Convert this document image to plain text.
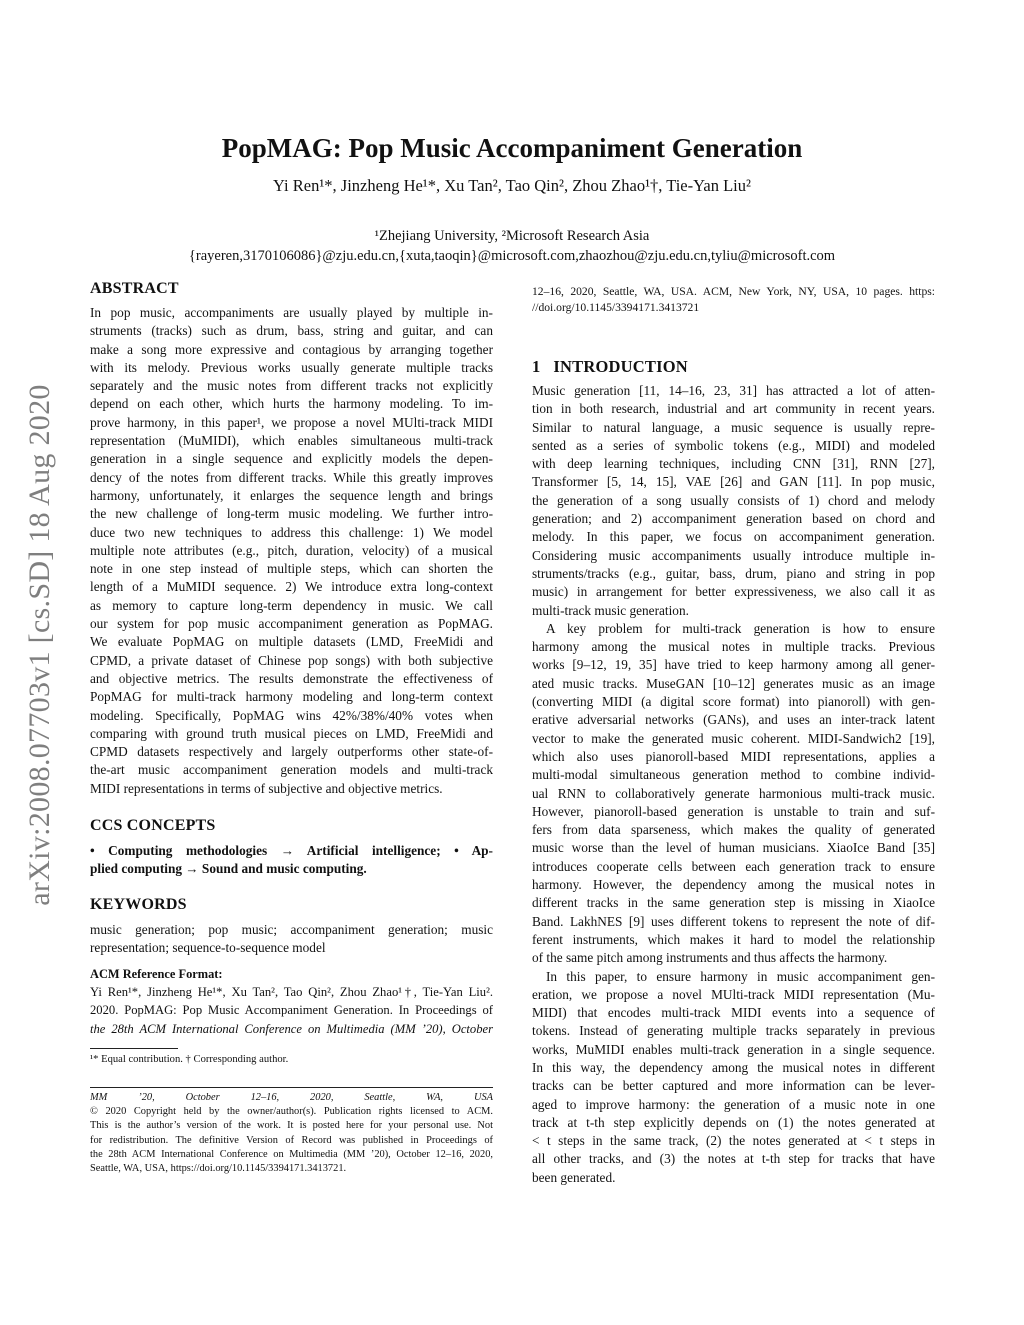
arXiv:2008.07703v1 [cs.SD] 18 Aug 2020
PopMAG: Pop Music Accompaniment Generation
Yi Ren¹*, Jinzheng He¹*, Xu Tan², Tao Qin², Zhou Zhao¹†, Tie-Yan Liu²
¹Zhejiang University, ²Microsoft Research Asia
{rayeren,3170106086}@zju.edu.cn,{xuta,taoqin}@microsoft.com,zhaozhou@zju.edu.cn,tyliu@microsoft.com
ABSTRACT
In pop music, accompaniments are usually played by multiple in-
struments (tracks) such as drum, bass, string and guitar, and can
make a song more expressive and contagious by arranging together
with its melody. Previous works usually generate multiple tracks
separately and the music notes from different tracks not explicitly
depend on each other, which hurts the harmony modeling. To im-
prove harmony, in this paper¹, we propose a novel MUlti-track MIDI
representation (MuMIDI), which enables simultaneous multi-track
generation in a single sequence and explicitly models the depen-
dency of the notes from different tracks. While this greatly improves
harmony, unfortunately, it enlarges the sequence length and brings
the new challenge of long-term music modeling. We further intro-
duce two new techniques to address this challenge: 1) We model
multiple note attributes (e.g., pitch, duration, velocity) of a musical
note in one step instead of multiple steps, which can shorten the
length of a MuMIDI sequence. 2) We introduce extra long-context
as memory to capture long-term dependency in music. We call
our system for pop music accompaniment generation as PopMAG.
We evaluate PopMAG on multiple datasets (LMD, FreeMidi and
CPMD, a private dataset of Chinese pop songs) with both subjective
and objective metrics. The results demonstrate the effectiveness of
PopMAG for multi-track harmony modeling and long-term context
modeling. Specifically, PopMAG wins 42%/38%/40% votes when
comparing with ground truth musical pieces on LMD, FreeMidi and
CPMD datasets respectively and largely outperforms other state-of-
the-art music accompaniment generation models and multi-track
MIDI representations in terms of subjective and objective metrics.
CCS CONCEPTS
• Computing methodologies → Artificial intelligence; • Ap-
plied computing → Sound and music computing.
KEYWORDS
music generation; pop music; accompaniment generation; music
representation; sequence-to-sequence model
ACM Reference Format:
Yi Ren¹*, Jinzheng He¹*, Xu Tan², Tao Qin², Zhou Zhao¹†, Tie-Yan Liu².
2020. PopMAG: Pop Music Accompaniment Generation. In Proceedings of
the 28th ACM International Conference on Multimedia (MM ’20), October
¹* Equal contribution. † Corresponding author.
MM ’20, October 12–16, 2020, Seattle, WA, USA
© 2020 Copyright held by the owner/author(s). Publication rights licensed to ACM.
This is the author’s version of the work. It is posted here for your personal use. Not
for redistribution. The definitive Version of Record was published in Proceedings of
the 28th ACM International Conference on Multimedia (MM ’20), October 12–16, 2020,
Seattle, WA, USA, https://doi.org/10.1145/3394171.3413721.
12–16, 2020, Seattle, WA, USA. ACM, New York, NY, USA, 10 pages. https:
//doi.org/10.1145/3394171.3413721
1   INTRODUCTION
Music generation [11, 14–16, 23, 31] has attracted a lot of atten-
tion in both research, industrial and art community in recent years.
Similar to natural language, a music sequence is usually repre-
sented as a series of symbolic tokens (e.g., MIDI) and modeled
with deep learning techniques, including CNN [31], RNN [27],
Transformer [5, 14, 15], VAE [26] and GAN [11]. In pop music,
the generation of a song usually consists of 1) chord and melody
generation; and 2) accompaniment generation based on chord and
melody. In this paper, we focus on accompaniment generation.
Considering music accompaniments usually introduce multiple in-
struments/tracks (e.g., guitar, bass, drum, piano and string in pop
music) in arrangement for better expressiveness, we also call it as
multi-track music generation.
A key problem for multi-track generation is how to ensure
harmony among the musical notes in multiple tracks. Previous
works [9–12, 19, 35] have tried to keep harmony among all gener-
ated music tracks. MuseGAN [10–12] generates music as an image
(converting MIDI (a digital score format) into pianoroll) with gen-
erative adversarial networks (GANs), and uses an inter-track latent
vector to make the generated music coherent. MIDI-Sandwich2 [19],
which also uses pianoroll-based MIDI representations, applies a
multi-modal simultaneous generation method to combine individ-
ual RNN to collaboratively generate harmonious multi-track music.
However, pianoroll-based generation is unstable to train and suf-
fers from data sparseness, which makes the quality of generated
music worse than the level of human musicians. XiaoIce Band [35]
introduces cooperate cells between each generation track to ensure
harmony. However, the dependency among the musical notes in
different tracks in the same generation step is missing in XiaoIce
Band. LakhNES [9] uses different tokens to represent the note of dif-
ferent instruments, which makes it hard to model the relationship
of the same pitch among instruments and thus affects the harmony.
In this paper, to ensure harmony in music accompaniment gen-
eration, we propose a novel MUlti-track MIDI representation (Mu-
MIDI) that encodes multi-track MIDI events into a sequence of
tokens. Instead of generating multiple tracks separately in previous
works, MuMIDI enables multi-track generation in a single sequence.
In this way, the dependency among the musical notes in different
tracks can be better captured and more information can be lever-
aged to improve harmony: the generation of a music note in one
track at t-th step explicitly depends on (1) the notes generated at
< t steps in the same track, (2) the notes generated at < t steps in
all other tracks, and (3) the notes at t-th step for tracks that have
been generated.
